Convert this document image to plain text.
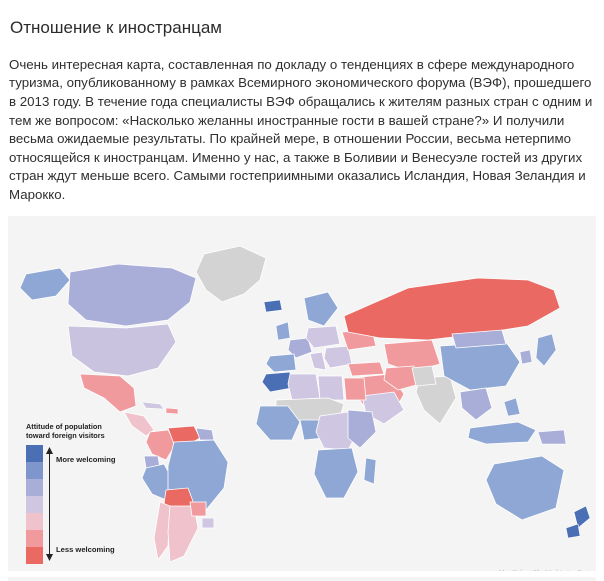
Отношение к иностранцам

Очень интересная карта, составленная по докладу о тенденциях в сфере международного туризма, опубликованному в рамках Всемирного экономического форума (ВЭФ), прошедшего в 2013 году. В течение года специалисты ВЭФ обращались к жителям разных стран с одним и тем же вопросом: «Насколько желанны иностранные гости в вашей стране?» И получили весьма ожидаемые результаты. По крайней мере, в отношении России, весьма нетерпимо относящейся к иностранцам. Именно у нас, а также в Боливии и Венесуэле гостей из других стран ждут меньше всего. Самыми гостеприимными оказались Исландия, Новая Зеландия и Марокко.

Attitude of population toward foreign visitors
More welcoming
Less welcoming
